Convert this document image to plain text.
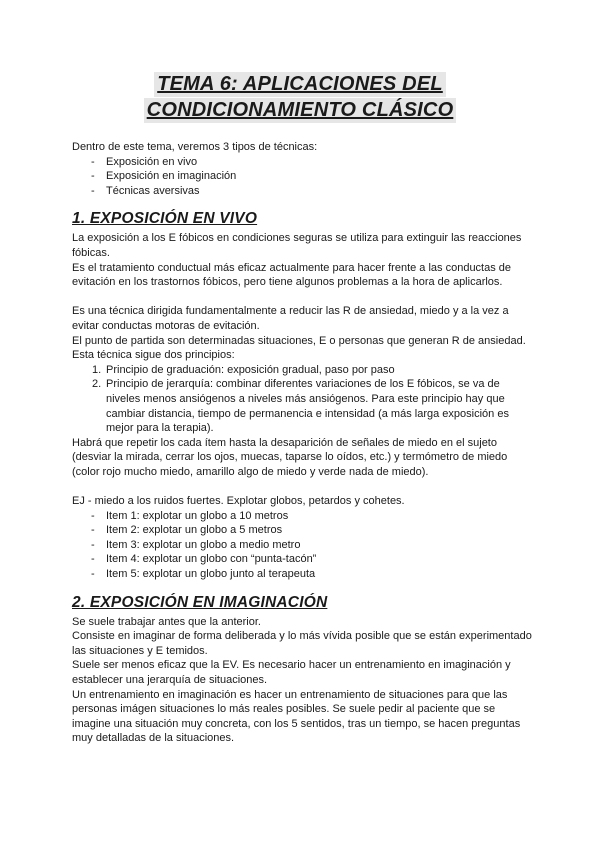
TEMA 6: APLICACIONES DEL
CONDICIONAMIENTO CLÁSICO

Dentro de este tema, veremos 3 tipos de técnicas:

- Exposición en vivo
- Exposición en imaginación
- Técnicas aversivas
1. EXPOSICIÓN EN VIVO

La exposición a los E fóbicos en condiciones seguras se utiliza para extinguir las reacciones fóbicas.

Es el tratamiento conductual más eficaz actualmente para hacer frente a las conductas de evitación en los trastornos fóbicos, pero tiene algunos problemas a la hora de aplicarlos.

Es una técnica dirigida fundamentalmente a reducir las R de ansiedad, miedo y a la vez a evitar conductas motoras de evitación.

El punto de partida son determinadas situaciones, E o personas que generan R de ansiedad.

Esta técnica sigue dos principios:

1. Principio de graduación: exposición gradual, paso por paso
2. Principio de jerarquía: combinar diferentes variaciones de los E fóbicos, se va de niveles menos ansiógenos a niveles más ansiógenos. Para este principio hay que cambiar distancia, tiempo de permanencia e intensidad (a más larga exposición es mejor para la terapia).

Habrá que repetir los cada ítem hasta la desaparición de señales de miedo en el sujeto (desviar la mirada, cerrar los ojos, muecas, taparse lo oídos, etc.) y termómetro de miedo (color rojo mucho miedo, amarillo algo de miedo y verde nada de miedo).

EJ - miedo a los ruidos fuertes. Explotar globos, petardos y cohetes.

- Item 1: explotar un globo a 10 metros
- Item 2: explotar un globo a 5 metros
- Item 3: explotar un globo a medio metro
- Item 4: explotar un globo con “punta-tacón”
- Item 5: explotar un globo junto al terapeuta
2. EXPOSICIÓN EN IMAGINACIÓN

Se suele trabajar antes que la anterior.

Consiste en imaginar de forma deliberada y lo más vívida posible que se están experimentado las situaciones y E temidos.

Suele ser menos eficaz que la EV. Es necesario hacer un entrenamiento en imaginación y establecer una jerarquía de situaciones.

Un entrenamiento en imaginación es hacer un entrenamiento de situaciones para que las personas imágen situaciones lo más reales posibles. Se suele pedir al paciente que se imagine una situación muy concreta, con los 5 sentidos, tras un tiempo, se hacen preguntas muy detalladas de la situaciones.
